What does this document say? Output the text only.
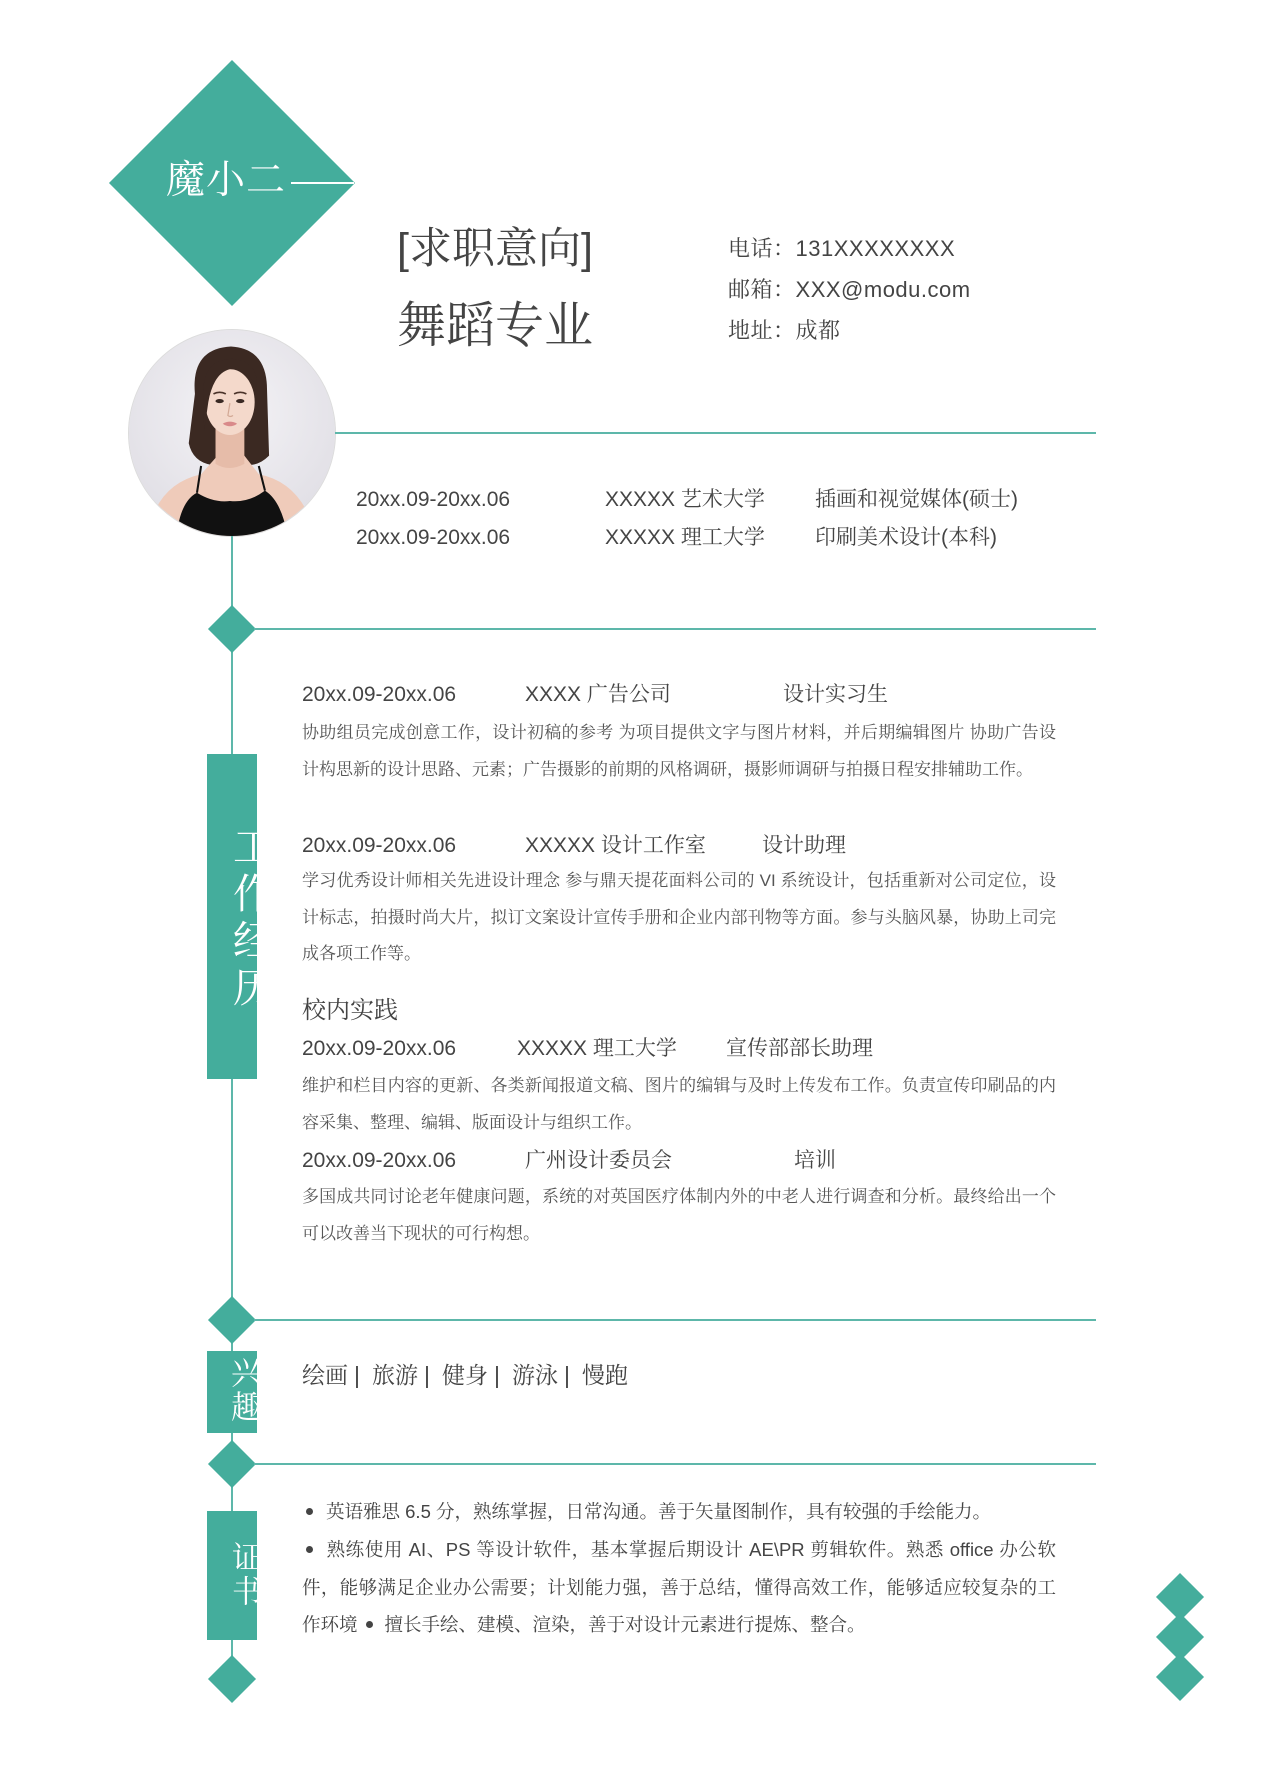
魔小二
[求职意向]
舞蹈专业
电话：131XXXXXXXX
邮箱：XXX@modu.com
地址：成都
20xx.09-20xx.06	XXXXX 艺术大学 插画和视觉媒体(硕士)
20xx.09-20xx.06	XXXXX 理工大学 印刷美术设计(本科)
工作经历
20xx.09-20xx.06	XXXX 广告公司	设计实习生

协助组员完成创意工作，设计初稿的参考 为项目提供文字与图片材料，并后期编辑图片 协助广告设计构思新的设计思路、元素；广告摄影的前期的风格调研，摄影师调研与拍摄日程安排辅助工作。

20xx.09-20xx.06	XXXXX 设计工作室	设计助理

学习优秀设计师相关先进设计理念 参与鼎天提花面料公司的 VI 系统设计，包括重新对公司定位，设计标志，拍摄时尚大片，拟订文案设计宣传手册和企业内部刊物等方面。参与头脑风暴，协助上司完成各项工作等。

校内实践
20xx.09-20xx.06	XXXXX 理工大学 宣传部部长助理

维护和栏目内容的更新、各类新闻报道文稿、图片的编辑与及时上传发布工作。负责宣传印刷品的内容采集、整理、编辑、版面设计与组织工作。

20xx.09-20xx.06	广州设计委员会	培训

多国成共同讨论老年健康问题，系统的对英国医疗体制内外的中老人进行调查和分析。最终给出一个可以改善当下现状的可行构想。

兴趣 绘画 | 旅游 | 健身 | 游泳 | 慢跑
证书

英语雅思 6.5 分，熟练掌握，日常沟通。善于矢量图制作，具有较强的手绘能力。

熟练使用 AI、PS 等设计软件，基本掌握后期设计 AE\PR 剪辑软件。熟悉 office 办公软件，能够满足企业办公需要；计划能力强，善于总结，懂得高效工作，能够适应较复杂的工作环境 擅长手绘、建模、渲染，善于对设计元素进行提炼、整合。
